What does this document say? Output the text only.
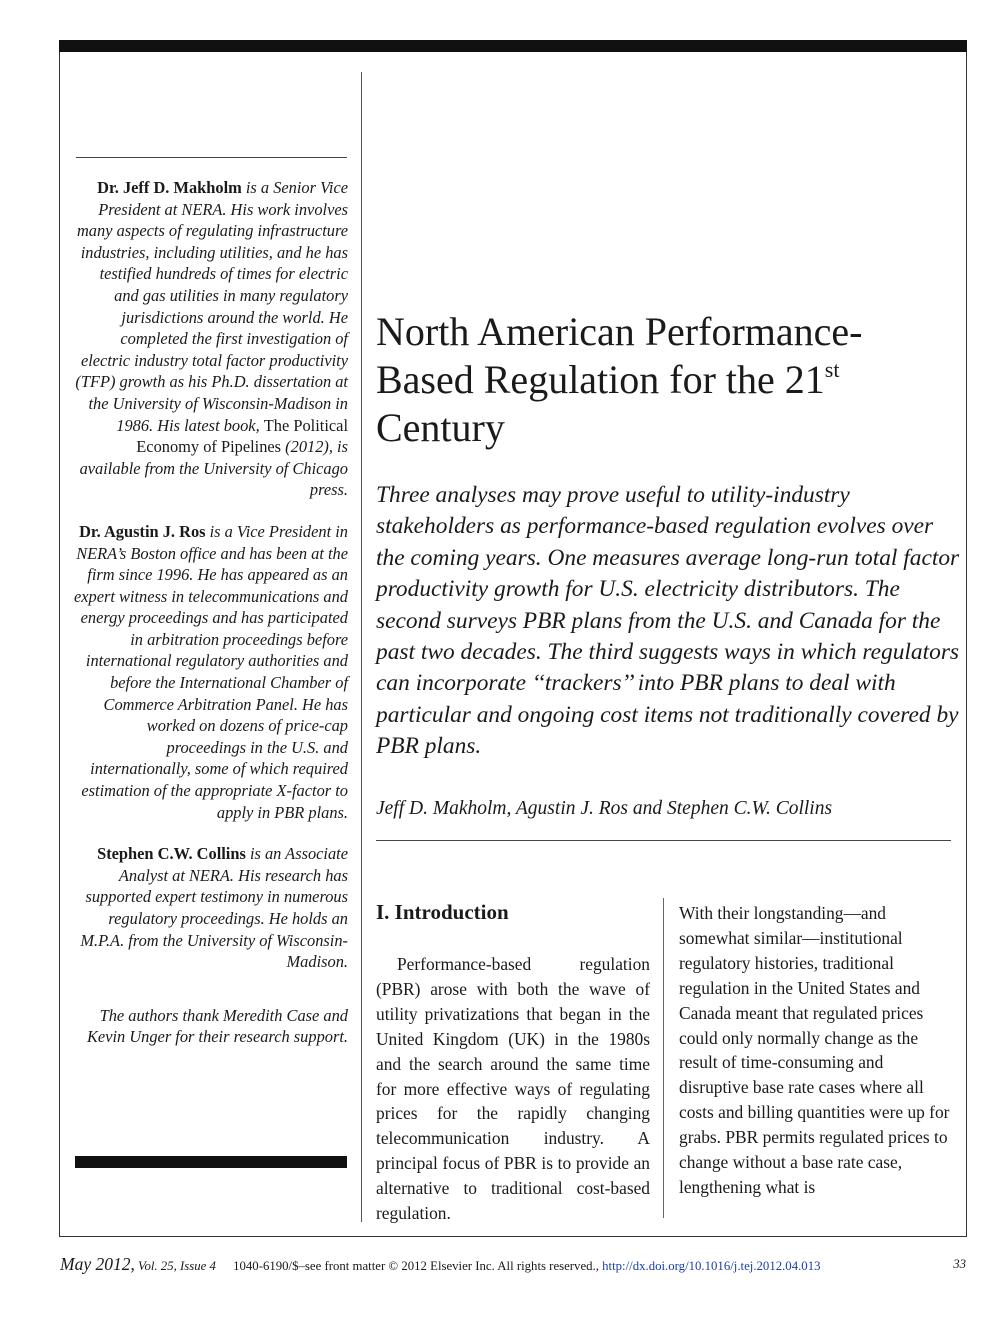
Dr. Jeff D. Makholm is a Senior Vice President at NERA. His work involves many aspects of regulating infrastructure industries, including utilities, and he has testified hundreds of times for electric and gas utilities in many regulatory jurisdictions around the world. He completed the first investigation of electric industry total factor productivity (TFP) growth as his Ph.D. dissertation at the University of Wisconsin-Madison in 1986. His latest book, The Political Economy of Pipelines (2012), is available from the University of Chicago press.

Dr. Agustin J. Ros is a Vice President in NERA’s Boston office and has been at the firm since 1996. He has appeared as an expert witness in telecommunications and energy proceedings and has participated in arbitration proceedings before international regulatory authorities and before the International Chamber of Commerce Arbitration Panel. He has worked on dozens of price-cap proceedings in the U.S. and internationally, some of which required estimation of the appropriate X-factor to apply in PBR plans.

Stephen C.W. Collins is an Associate Analyst at NERA. His research has supported expert testimony in numerous regulatory proceedings. He holds an M.P.A. from the University of Wisconsin-Madison.

The authors thank Meredith Case and Kevin Unger for their research support.

North American Performance-Based Regulation for the 21st Century

Three analyses may prove useful to utility-industry stakeholders as performance-based regulation evolves over the coming years. One measures average long-run total factor productivity growth for U.S. electricity distributors. The second surveys PBR plans from the U.S. and Canada for the past two decades. The third suggests ways in which regulators can incorporate ‘‘trackers’’ into PBR plans to deal with particular and ongoing cost items not traditionally covered by PBR plans.

Jeff D. Makholm, Agustin J. Ros and Stephen C.W. Collins

I. Introduction

Performance-based regulation (PBR) arose with both the wave of utility privatizations that began in the United Kingdom (UK) in the 1980s and the search around the same time for more effective ways of regulating prices for the rapidly changing telecommunication industry. A principal focus of PBR is to provide an alternative to traditional cost-based regulation.

With their longstanding—and somewhat similar—institutional regulatory histories, traditional regulation in the United States and Canada meant that regulated prices could only normally change as the result of time-consuming and disruptive base rate cases where all costs and billing quantities were up for grabs. PBR permits regulated prices to change without a base rate case, lengthening what is

May 2012, Vol. 25, Issue 4 1040-6190/$–see front matter © 2012 Elsevier Inc. All rights reserved., http://dx.doi.org/10.1016/j.tej.2012.04.013	33
